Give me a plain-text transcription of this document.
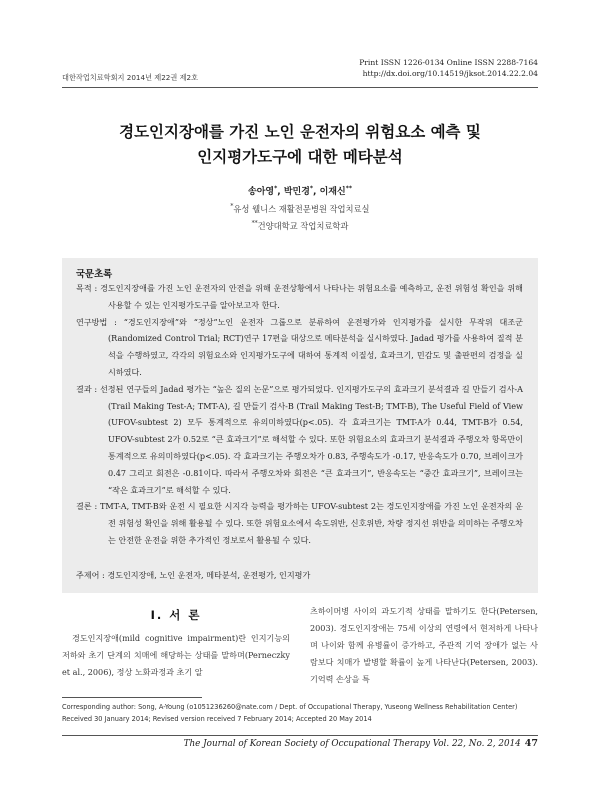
대한작업치료학회지 2014년 제22권 제2호
Print ISSN 1226-0134 Online ISSN 2288-7164
http://dx.doi.org/10.14519/jksot.2014.22.2.04
경도인지장애를 가진 노인 운전자의 위험요소 예측 및
인지평가도구에 대한 메타분석
송아영*, 박민경*, 이재신**
*유성 웰니스 재활전문병원 작업치료실
**건양대학교 작업치료학과
국문초록
목적 : 경도인지장애를 가진 노인 운전자의 안전을 위해 운전상황에서 나타나는 위험요소를 예측하고, 운전 위험성 확인을 위해 사용할 수 있는 인지평가도구를 알아보고자 한다.
연구방법 : “경도인지장애”와 “정상”노인 운전자 그룹으로 분류하여 운전평가와 인지평가를 실시한 무작위 대조군(Randomized Control Trial; RCT)연구 17편을 대상으로 메타분석을 실시하였다. Jadad 평가를 사용하여 질적 분석을 수행하였고, 각각의 위험요소와 인지평가도구에 대하여 통계적 이질성, 효과크기, 민감도 및 출판편의 검정을 실시하였다.
결과 : 선정된 연구들의 Jadad 평가는 “높은 질의 논문”으로 평가되었다. 인지평가도구의 효과크기 분석결과 길 만들기 검사-A (Trail Making Test-A; TMT-A), 길 만들기 검사-B (Trail Making Test-B; TMT-B), The Useful Field of View (UFOV-subtest 2) 모두 통계적으로 유의미하였다(p<.05). 각 효과크기는 TMT-A가 0.44, TMT-B가 0.54, UFOV-subtest 2가 0.52로 “큰 효과크기”로 해석할 수 있다. 또한 위험요소의 효과크기 분석결과 주행오차 항목만이 통계적으로 유의미하였다(p<.05). 각 효과크기는 주행오차가 0.83, 주행속도가 -0.17, 반응속도가 0.70, 브레이크가 0.47 그리고 회전은 -0.81이다. 따라서 주행오차와 회전은 “큰 효과크기”, 반응속도는 “중간 효과크기”, 브레이크는 “작은 효과크기”로 해석할 수 있다.
결론 : TMT-A, TMT-B와 운전 시 필요한 시지각 능력을 평가하는 UFOV-subtest 2는 경도인지장애를 가진 노인 운전자의 운전 위험성 확인을 위해 활용될 수 있다. 또한 위험요소에서 속도위반, 신호위반, 차량 정지선 위반을 의미하는 주행오차는 안전한 운전을 위한 추가적인 정보로서 활용될 수 있다.
주제어 : 경도인지장애, 노인 운전자, 메타분석, 운전평가, 인지평가
I. 서 론
경도인지장애(mild cognitive impairment)란 인지기능의 저하와 초기 단계의 치매에 해당하는 상태를 말하며(Perneczky et al., 2006), 정상 노화과정과 초기 알
츠하이머병 사이의 과도기적 상태를 말하기도 한다(Petersen, 2003). 경도인지장애는 75세 이상의 연령에서 현저하게 나타나며 나이와 함께 유병률이 증가하고, 주관적 기억 장애가 없는 사람보다 치매가 발병할 확률이 높게 나타난다(Petersen, 2003). 기억력 손상을 특
Corresponding author: Song, A-Young (o1051236260@nate.com / Dept. of Occupational Therapy, Yuseong Wellness Rehabilitation Center)
Received 30 January 2014; Revised version received 7 February 2014; Accepted 20 May 2014
The Journal of Korean Society of Occupational Therapy Vol. 22, No. 2, 2014 47
